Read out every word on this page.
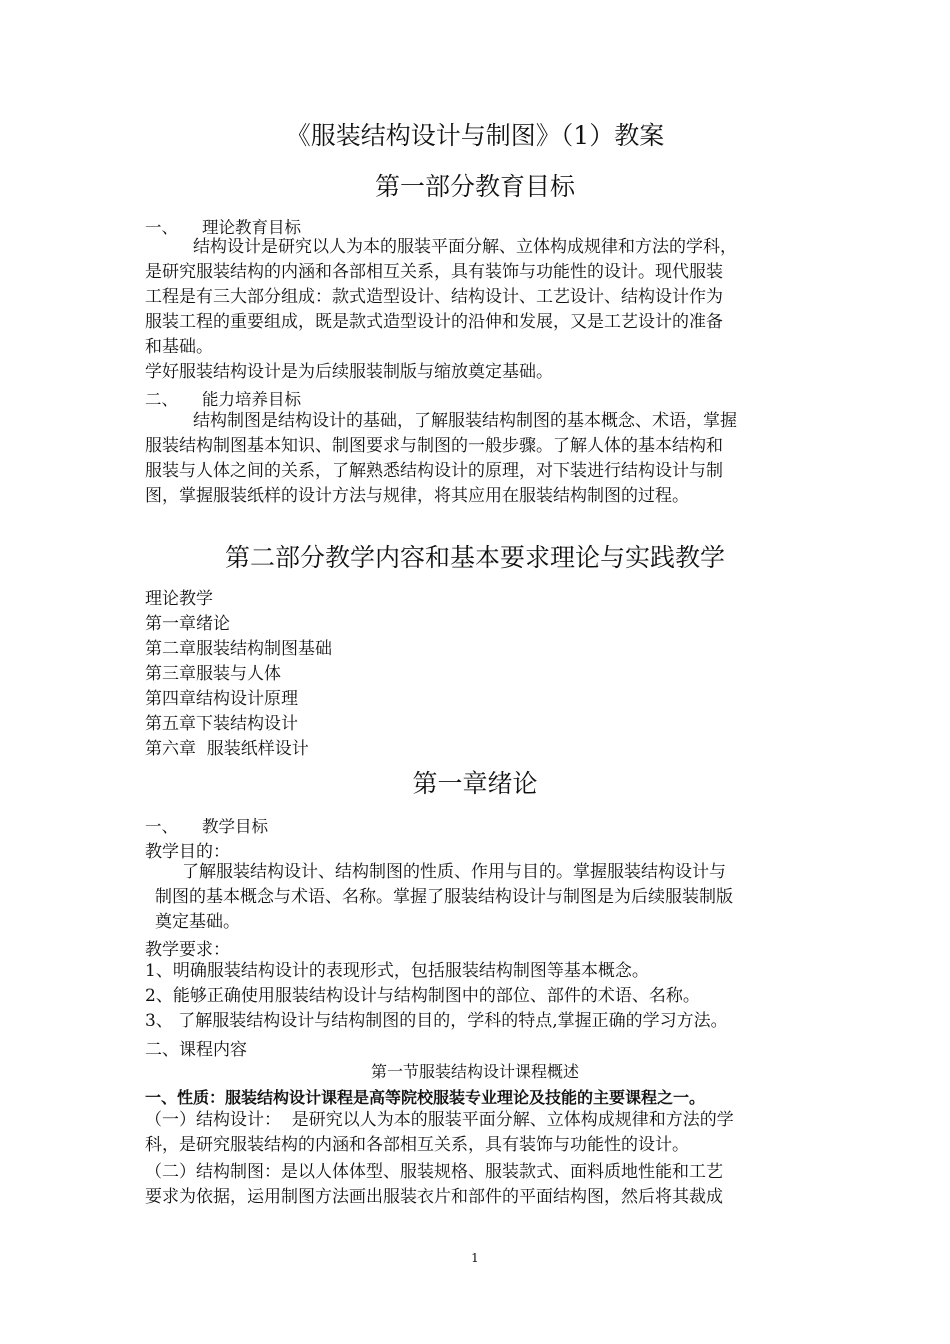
《服装结构设计与制图》（1）教案
第一部分教育目标
一、 理论教育目标
结构设计是研究以人为本的服装平面分解、立体构成规律和方法的学科，
是研究服装结构的内涵和各部相互关系，具有装饰与功能性的设计。现代服装
工程是有三大部分组成：款式造型设计、结构设计、工艺设计、结构设计作为
服装工程的重要组成，既是款式造型设计的沿伸和发展，又是工艺设计的准备
和基础。
学好服装结构设计是为后续服装制版与缩放奠定基础。
二、 能力培养目标
结构制图是结构设计的基础，了解服装结构制图的基本概念、术语，掌握
服装结构制图基本知识、制图要求与制图的一般步骤。了解人体的基本结构和
服装与人体之间的关系，了解熟悉结构设计的原理，对下装进行结构设计与制
图，掌握服装纸样的设计方法与规律，将其应用在服装结构制图的过程。
第二部分教学内容和基本要求理论与实践教学
理论教学
第一章绪论
第二章服装结构制图基础
第三章服装与人体
第四章结构设计原理
第五章下装结构设计
第六章  服装纸样设计
第一章绪论
一、 教学目标
教学目的：
了解服装结构设计、结构制图的性质、作用与目的。掌握服装结构设计与
制图的基本概念与术语、名称。掌握了服装结构设计与制图是为后续服装制版
奠定基础。
教学要求：
1、明确服装结构设计的表现形式，包括服装结构制图等基本概念。
2、能够正确使用服装结构设计与结构制图中的部位、部件的术语、名称。
3、 了解服装结构设计与结构制图的目的，学科的特点,掌握正确的学习方法。
二、课程内容
第一节服装结构设计课程概述
一、性质：服装结构设计课程是高等院校服装专业理论及技能的主要课程之一。
（一）结构设计：  是研究以人为本的服装平面分解、立体构成规律和方法的学
科，是研究服装结构的内涵和各部相互关系，具有装饰与功能性的设计。
（二）结构制图：是以人体体型、服装规格、服装款式、面料质地性能和工艺
要求为依据，运用制图方法画出服装衣片和部件的平面结构图，然后将其裁成
1
